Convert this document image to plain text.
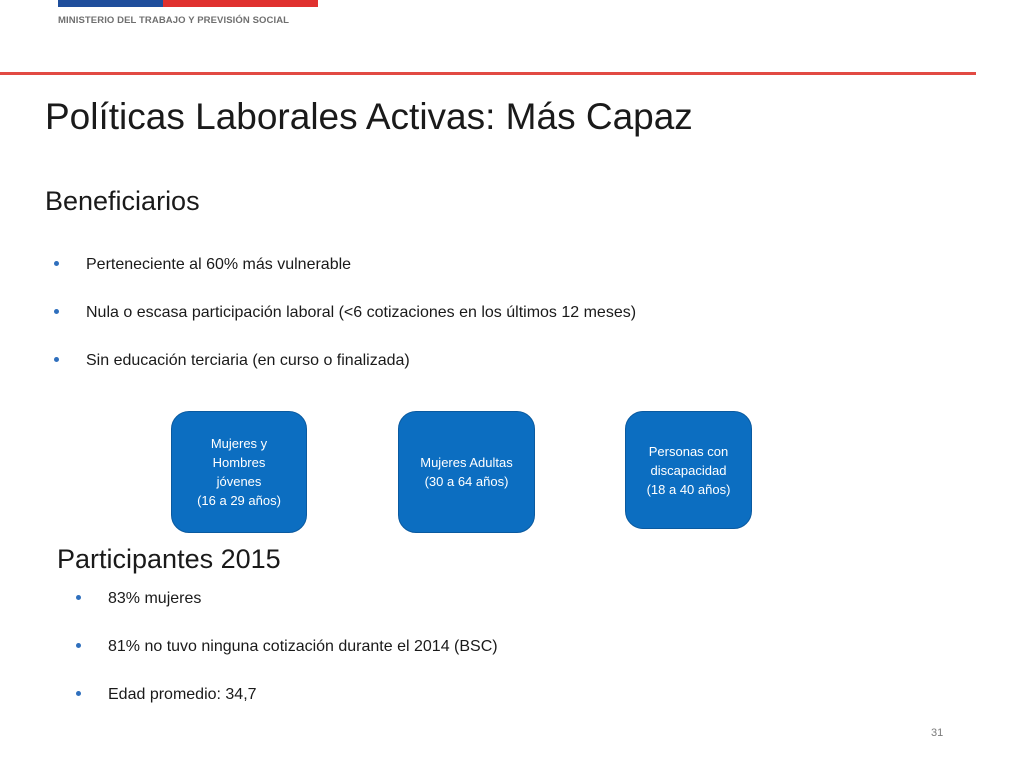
MINISTERIO DEL TRABAJO Y PREVISIÓN SOCIAL
Políticas Laborales Activas: Más Capaz
Beneficiarios
Perteneciente al 60% más vulnerable
Nula o escasa participación laboral (<6 cotizaciones en los últimos 12 meses)
Sin educación terciaria (en curso o finalizada)
Mujeres y
Hombres
jóvenes
(16 a 29 años)
Mujeres Adultas
(30 a 64 años)
Personas con
discapacidad
(18 a 40 años)
Participantes 2015
83% mujeres
81% no tuvo ninguna cotización durante el 2014 (BSC)
Edad promedio: 34,7
31
